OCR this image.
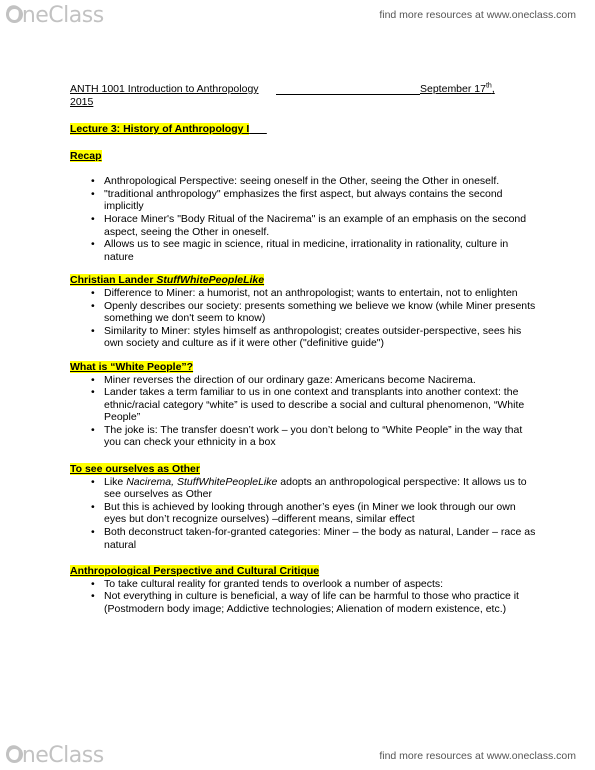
OneClass	find more resources at www.oneclass.com
ANTH 1001 Introduction to Anthropology	September 17th,
2015

Lecture 3: History of Anthropology I   

Recap

• Anthropological Perspective: seeing oneself in the Other, seeing the Other in oneself.
• "traditional anthropology" emphasizes the first aspect, but always contains the second implicitly
• Horace Miner's "Body Ritual of the Nacirema" is an example of an emphasis on the second aspect, seeing the Other in oneself.
• Allows us to see magic in science, ritual in medicine, irrationality in rationality, culture in nature

Christian Lander StuffWhitePeopleLike

• Difference to Miner: a humorist, not an anthropologist; wants to entertain, not to enlighten
• Openly describes our society: presents something we believe we know (while Miner presents something we don't seem to know)
• Similarity to Miner: styles himself as anthropologist; creates outsider-perspective, sees his own society and culture as if it were other ("definitive guide")

What is “White People”?

• Miner reverses the direction of our ordinary gaze: Americans become Nacirema.
• Lander takes a term familiar to us in one context and transplants into another context: the ethnic/racial category “white” is used to describe a social and cultural phenomenon, “White People”
• The joke is: The transfer doesn’t work – you don’t belong to “White People” in the way that you can check your ethnicity in a box

To see ourselves as Other

• Like Nacirema, StuffWhitePeopleLike adopts an anthropological perspective: It allows us to see ourselves as Other
• But this is achieved by looking through another’s eyes (in Miner we look through our own eyes but don’t recognize ourselves) –different means, similar effect
• Both deconstruct taken-for-granted categories: Miner – the body as natural, Lander – race as natural

Anthropological Perspective and Cultural Critique

• To take cultural reality for granted tends to overlook a number of aspects:
• Not everything in culture is beneficial, a way of life can be harmful to those who practice it (Postmodern body image; Addictive technologies; Alienation of modern existence, etc.)
OneClass	find more resources at www.oneclass.com
